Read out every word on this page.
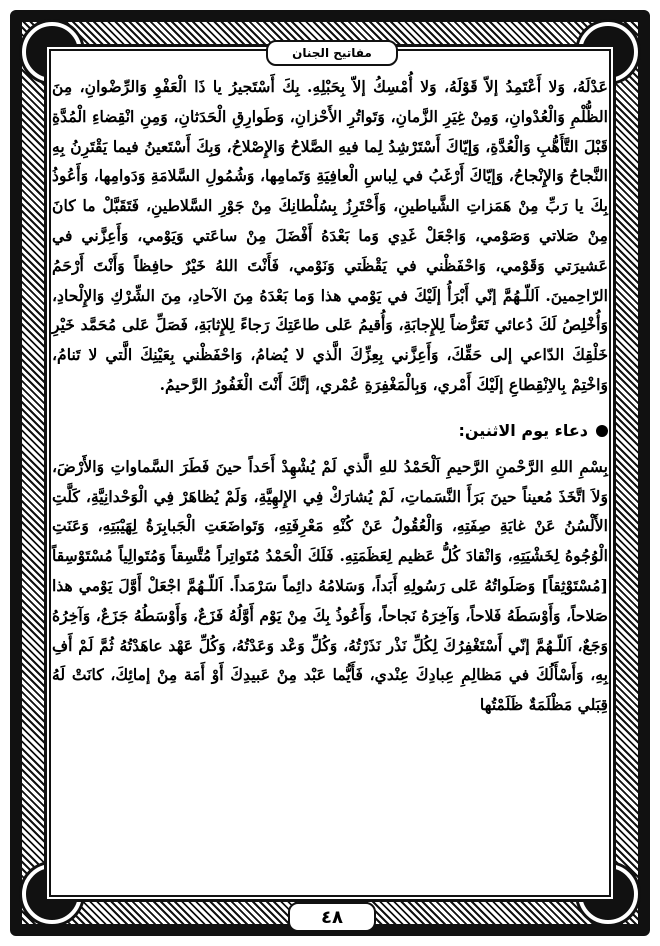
مفاتيح الجنان

عَدْلَهُ، وَلا أَعْتَمِدُ إلاّ قَوْلَهُ، وَلا أُمْسِكُ إلاّ بِحَبْلِهِ. بِكَ أَسْتَجيرُ يا ذَا الْعَفْوِ وَالرِّضْوانِ، مِنَ الظُّلْمِ وَالْعُدْوانِ، وَمِنْ غِيَرِ الزَّمانِ، وَتَواتُرِ الأَحْزانِ، وَطَوارِقِ الْحَدَثانِ، وَمِنِ انْقِضاءِ الْمُدَّةِ قَبْلَ التَّأَهُّبِ وَالْعُدَّةِ، وَإيّاكَ أَسْتَرْشِدُ لِما فيهِ الصَّلاحُ وَالإِصْلاحُ، وَبِكَ أَسْتَعينُ فيما يَقْتَرِنُ بِهِ النَّجاحُ وَالإِنْجاحُ، وَإيّاكَ أَرْغَبُ في لِباسِ الْعافِيَةِ وَتَمامِها، وَشُمُولِ السَّلامَةِ وَدَوامِها، وَأَعُوذُ بِكَ يا رَبِّ مِنْ هَمَزاتِ الشَّياطينِ، وَأَحْتَرِزُ بِسُلْطانِكَ مِنْ جَوْرِ السَّلاطينِ، فَتَقَبَّلْ ما كانَ مِنْ صَلاتي وَصَوْمي، وَاجْعَلْ غَدِي وَما بَعْدَهُ أَفْضَلَ مِنْ ساعَتي وَيَوْمي، وَأَعِزَّني في عَشيرَتي وَقَوْمي، وَاحْفَظْني في يَقْظَتي وَنَوْمي، فَأَنْتَ اللهُ خَيْرٌ حافِظاً وَأَنْتَ أَرْحَمُ الرّاحِمينَ. اَللّـهُمَّ إنّي أَبْرَأُ إلَيْكَ في يَوْمي هذا وَما بَعْدَهُ مِنَ الآحادِ، مِنَ الشِّرْكِ وَالإِلْحادِ، وَأُخْلِصُ لَكَ دُعائي تَعَرُّضاً لِلإِجابَةِ، وَأُقيمُ عَلى طاعَتِكَ رَجاءً لِلإِثابَةِ، فَصَلِّ عَلى مُحَمَّد خَيْرِ خَلْقِكَ الدّاعي إلى حَقِّكَ، وَأَعِزَّني بِعِزِّكَ الَّذي لا يُضامُ، وَاحْفَظْني بِعَيْنِكَ الَّتي لا تَنامُ، وَاخْتِمْ بِالاِنْقِطاعِ إلَيْكَ أَمْري، وَبِالْمَغْفِرَةِ عُمْري، إنَّكَ أَنْتَ الْغَفُورُ الرَّحيمُ.

دعاء يوم الاثنين:

بِسْمِ اللهِ الرَّحْمنِ الرَّحيمِ اَلْحَمْدُ للهِ الَّذي لَمْ يُشْهِدْ أَحَداً حينَ فَطَرَ السَّماواتِ وَالأَرْضَ، وَلاَ اتَّخَذَ مُعيناً حينَ بَرَأَ النَّسَماتِ، لَمْ يُشارَكْ فِي الإِلهِيَّةِ، وَلَمْ يُظاهَرْ فِي الْوَحْدانِيَّةِ، كَلَّتِ الأَلْسُنُ عَنْ غايَةِ صِفَتِهِ، وَالْعُقُولُ عَنْ كُنْهِ مَعْرِفَتِهِ، وَتَواضَعَتِ الْجَبابِرَةُ لِهَيْبَتِهِ، وَعَنَتِ الْوُجُوهُ لِخَشْيَتِهِ، وَانْقادَ كُلُّ عَظيم لِعَظَمَتِهِ. فَلَكَ الْحَمْدُ مُتَواتِراً مُتَّسِقاً وَمُتَوالِياً مُسْتَوْسِقاً [مُسْتَوْثِقاً] وَصَلَواتُهُ عَلى رَسُولِهِ أَبَداً، وَسَلامُهُ دائِماً سَرْمَداً. اَللّـهُمَّ اجْعَلْ أَوَّلَ يَوْمي هذا صَلاحاً، وَأَوْسَطَهُ فَلاحاً، وَآخِرَهُ نَجاحاً، وَأَعُوذُ بِكَ مِنْ يَوْم أَوَّلُهُ فَزَعٌ، وَأَوْسَطُهُ جَزَعٌ، وَآخِرُهُ وَجَعٌ، اَللّـهُمَّ إنّي أَسْتَغْفِرُكَ لِكُلِّ نَذْر نَذَرْتُهُ، وَكُلِّ وَعْد وَعَدْتُهُ، وَكُلِّ عَهْد عاهَدْتُهُ ثُمَّ لَمْ أَفِ بِهِ، وَأَسْأَلُكَ في مَظالِمِ عِبادِكَ عِنْدي، فَأَيُّما عَبْد مِنْ عَبيدِكَ أَوْ أَمَة مِنْ إمائِكَ، كانَتْ لَهُ قِبَلي مَظْلَمَةٌ ظَلَمْتُها

٤٨
